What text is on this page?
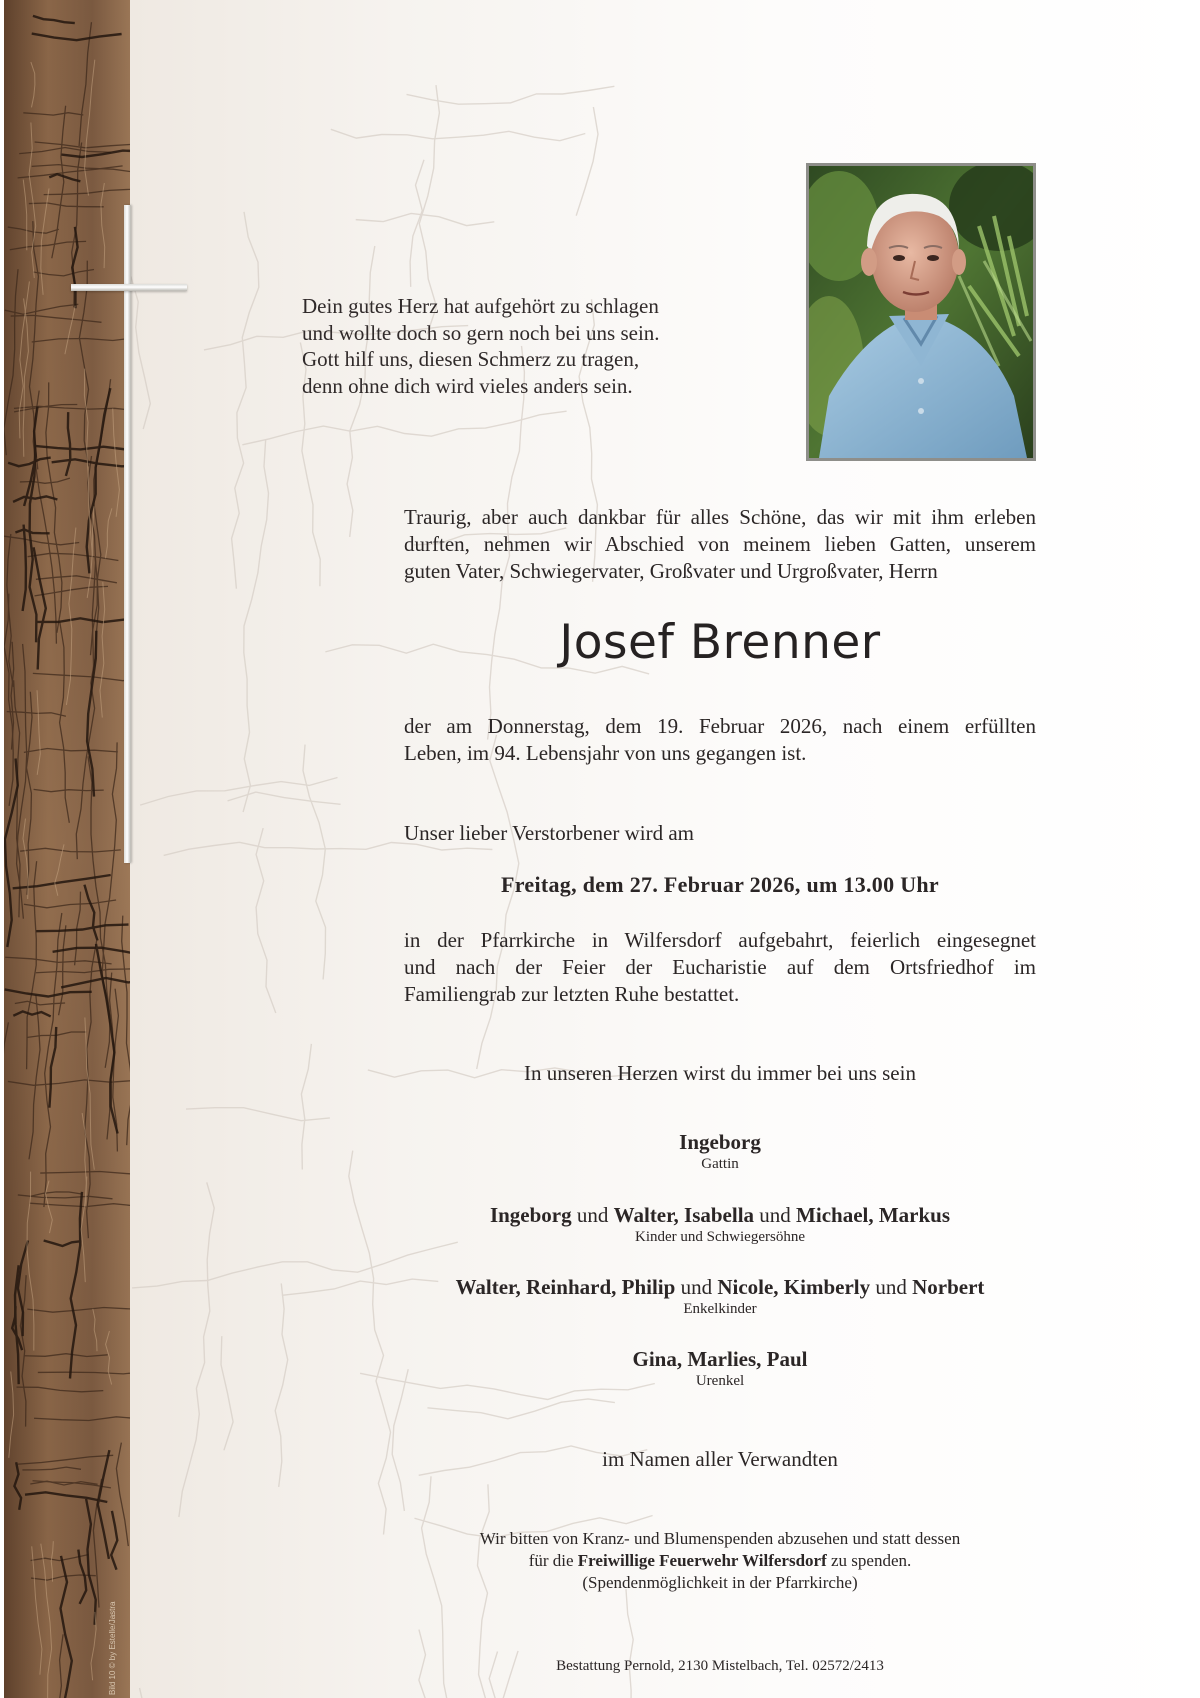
Bild 10 © by Estelle/Jastra
Dein gutes Herz hat aufgehört zu schlagen
und wollte doch so gern noch bei uns sein.
Gott hilf uns, diesen Schmerz zu tragen,
denn ohne dich wird vieles anders sein.
Traurig, aber auch dankbar für alles Schöne, das wir mit ihm erleben
durften, nehmen wir Abschied von meinem lieben Gatten, unserem
guten Vater, Schwiegervater, Großvater und Urgroßvater, Herrn
Josef Brenner
der am Donnerstag, dem 19. Februar 2026, nach einem erfüllten
Leben, im 94. Lebensjahr von uns gegangen ist.
Unser lieber Verstorbener wird am
Freitag, dem 27. Februar 2026, um 13.00 Uhr
in der Pfarrkirche in Wilfersdorf aufgebahrt, feierlich eingesegnet
und nach der Feier der Eucharistie auf dem Ortsfriedhof im
Familiengrab zur letzten Ruhe bestattet.
In unseren Herzen wirst du immer bei uns sein
Ingeborg
Gattin
Ingeborg und Walter, Isabella und Michael, Markus
Kinder und Schwiegersöhne
Walter, Reinhard, Philip und Nicole, Kimberly und Norbert
Enkelkinder
Gina, Marlies, Paul
Urenkel
im Namen aller Verwandten
Wir bitten von Kranz- und Blumenspenden abzusehen und statt dessen
für die Freiwillige Feuerwehr Wilfersdorf zu spenden.
(Spendenmöglichkeit in der Pfarrkirche)
Bestattung Pernold, 2130 Mistelbach, Tel. 02572/2413
